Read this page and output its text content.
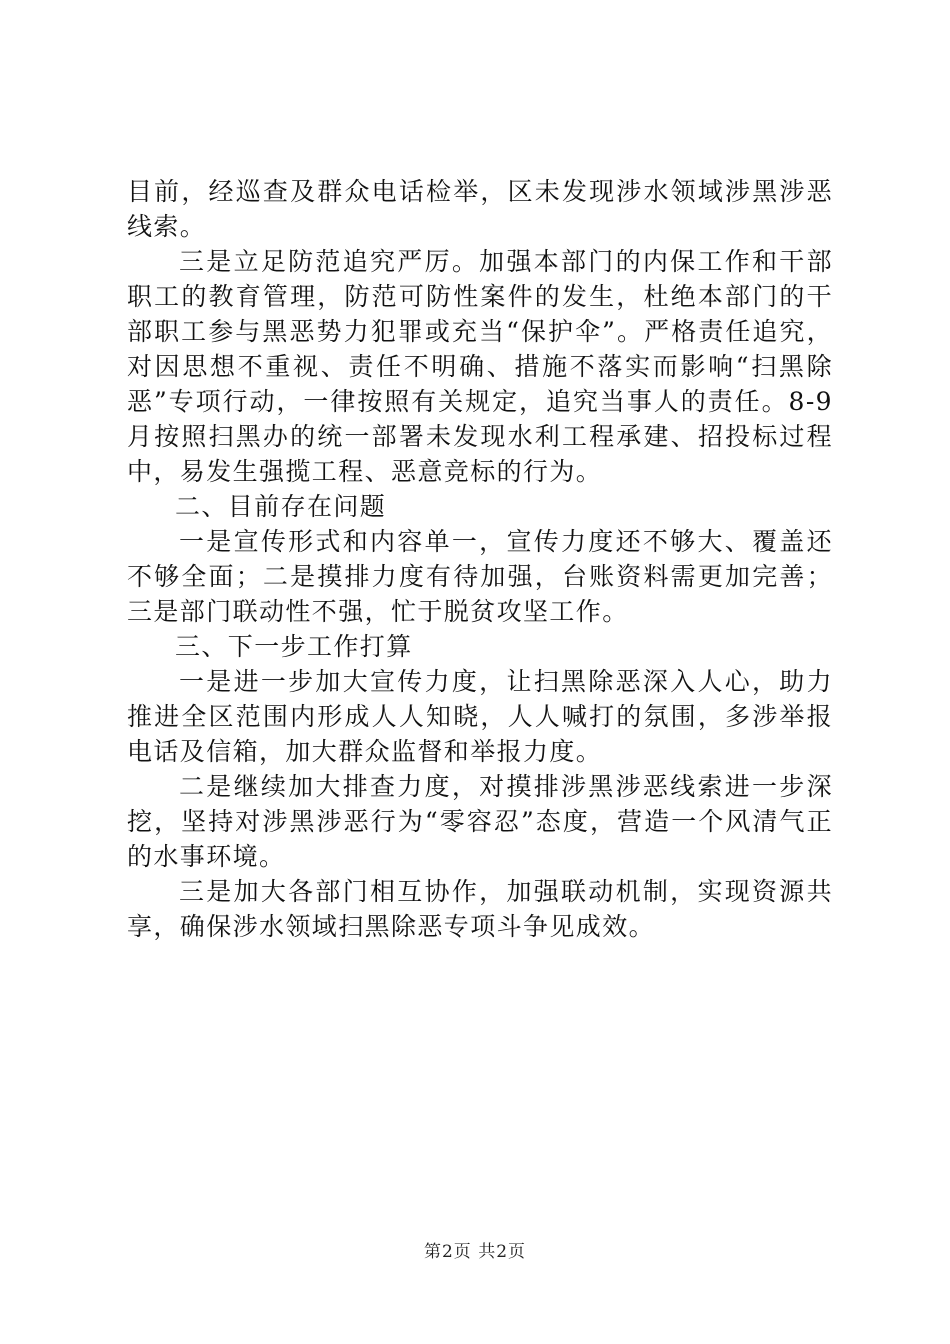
目前，经巡查及群众电话检举，区未发现涉水领域涉黑涉恶线索。

三是立足防范追究严厉。加强本部门的内保工作和干部职工的教育管理，防范可防性案件的发生，杜绝本部门的干部职工参与黑恶势力犯罪或充当“保护伞”。严格责任追究，对因思想不重视、责任不明确、措施不落实而影响“扫黑除恶”专项行动，一律按照有关规定，追究当事人的责任。8-9月按照扫黑办的统一部署未发现水利工程承建、招投标过程中，易发生强揽工程、恶意竞标的行为。

二、目前存在问题

一是宣传形式和内容单一，宣传力度还不够大、覆盖还不够全面；二是摸排力度有待加强，台账资料需更加完善；三是部门联动性不强，忙于脱贫攻坚工作。

三、下一步工作打算

一是进一步加大宣传力度，让扫黑除恶深入人心，助力推进全区范围内形成人人知晓，人人喊打的氛围，多涉举报电话及信箱，加大群众监督和举报力度。

二是继续加大排查力度，对摸排涉黑涉恶线索进一步深挖，坚持对涉黑涉恶行为“零容忍”态度，营造一个风清气正的水事环境。

三是加大各部门相互协作，加强联动机制，实现资源共享，确保涉水领域扫黑除恶专项斗争见成效。

第2页 共2页
